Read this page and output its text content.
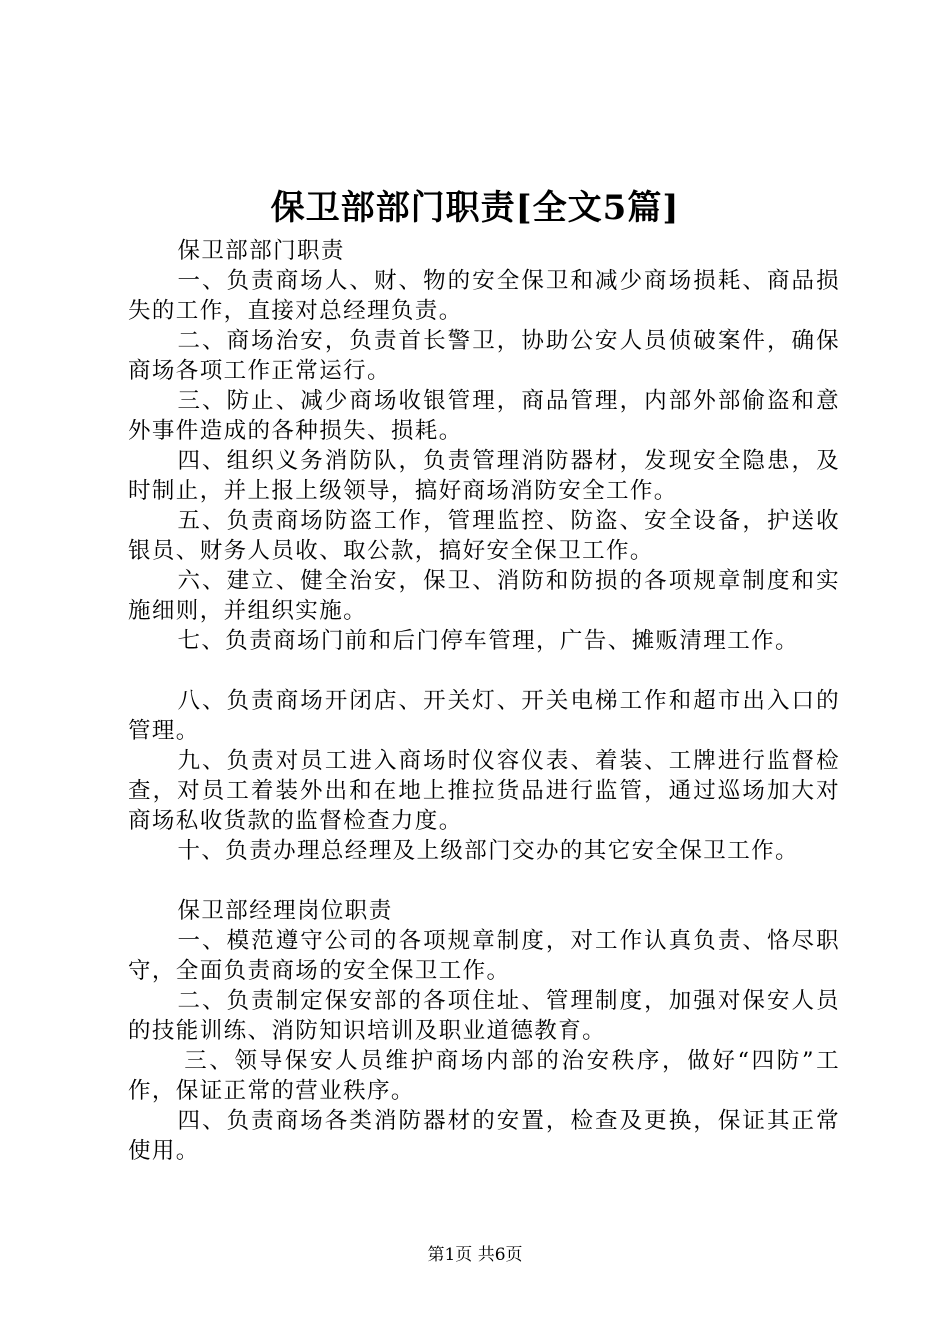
保卫部部门职责[全文5篇]

保卫部部门职责

一、负责商场人、财、物的安全保卫和减少商场损耗、商品损失的工作，直接对总经理负责。

二、商场治安，负责首长警卫，协助公安人员侦破案件，确保商场各项工作正常运行。

三、防止、减少商场收银管理，商品管理，内部外部偷盗和意外事件造成的各种损失、损耗。

四、组织义务消防队，负责管理消防器材，发现安全隐患，及时制止，并上报上级领导，搞好商场消防安全工作。

五、负责商场防盗工作，管理监控、防盗、安全设备，护送收银员、财务人员收、取公款，搞好安全保卫工作。

六、建立、健全治安，保卫、消防和防损的各项规章制度和实施细则，并组织实施。

七、负责商场门前和后门停车管理，广告、摊贩清理工作。

八、负责商场开闭店、开关灯、开关电梯工作和超市出入口的管理。

九、负责对员工进入商场时仪容仪表、着装、工牌进行监督检查，对员工着装外出和在地上推拉货品进行监管，通过巡场加大对商场私收货款的监督检查力度。

十、负责办理总经理及上级部门交办的其它安全保卫工作。

保卫部经理岗位职责

一、模范遵守公司的各项规章制度，对工作认真负责、恪尽职守，全面负责商场的安全保卫工作。

二、负责制定保安部的各项住址、管理制度，加强对保安人员的技能训练、消防知识培训及职业道德教育。

三、领导保安人员维护商场内部的治安秩序，做好“四防”工作，保证正常的营业秩序。

四、负责商场各类消防器材的安置，检查及更换，保证其正常使用。

第1页 共6页
